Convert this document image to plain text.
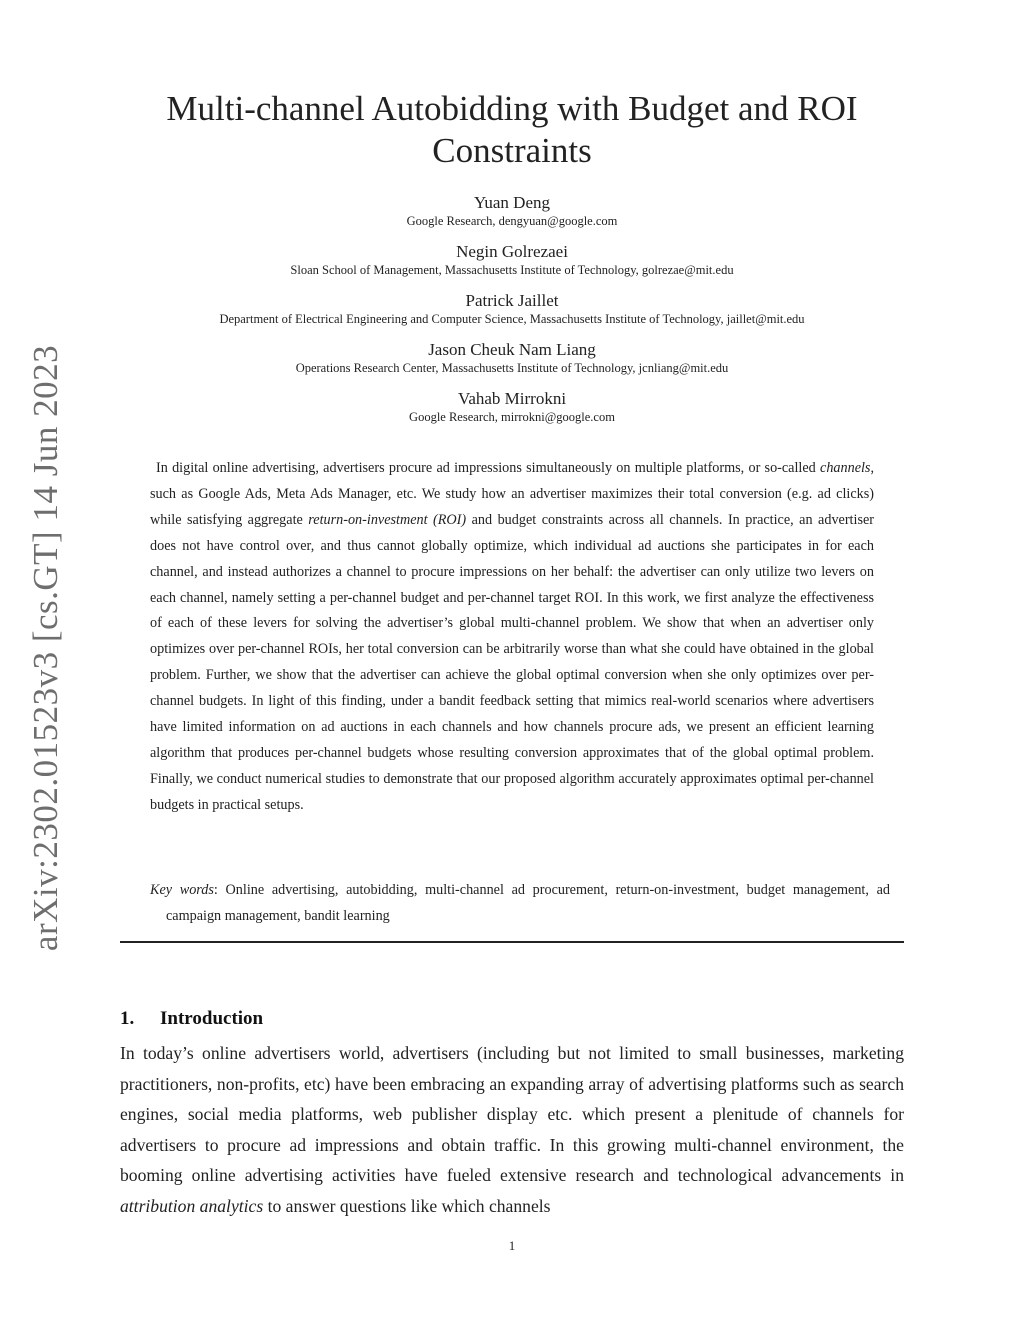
arXiv:2302.01523v3 [cs.GT] 14 Jun 2023
Multi-channel Autobidding with Budget and ROI Constraints
Yuan Deng
Google Research, dengyuan@google.com
Negin Golrezaei
Sloan School of Management, Massachusetts Institute of Technology, golrezae@mit.edu
Patrick Jaillet
Department of Electrical Engineering and Computer Science, Massachusetts Institute of Technology, jaillet@mit.edu
Jason Cheuk Nam Liang
Operations Research Center, Massachusetts Institute of Technology, jcnliang@mit.edu
Vahab Mirrokni
Google Research, mirrokni@google.com

In digital online advertising, advertisers procure ad impressions simultaneously on multiple platforms, or so-called channels, such as Google Ads, Meta Ads Manager, etc. We study how an advertiser maximizes their total conversion (e.g. ad clicks) while satisfying aggregate return-on-investment (ROI) and budget constraints across all channels. In practice, an advertiser does not have control over, and thus cannot globally optimize, which individual ad auctions she participates in for each channel, and instead authorizes a channel to procure impressions on her behalf: the advertiser can only utilize two levers on each channel, namely setting a per-channel budget and per-channel target ROI. In this work, we first analyze the effectiveness of each of these levers for solving the advertiser’s global multi-channel problem. We show that when an advertiser only optimizes over per-channel ROIs, her total conversion can be arbitrarily worse than what she could have obtained in the global problem. Further, we show that the advertiser can achieve the global optimal conversion when she only optimizes over per-channel budgets. In light of this finding, under a bandit feedback setting that mimics real-world scenarios where advertisers have limited information on ad auctions in each channels and how channels procure ads, we present an efficient learning algorithm that produces per-channel budgets whose resulting conversion approximates that of the global optimal problem. Finally, we conduct numerical studies to demonstrate that our proposed algorithm accurately approximates optimal per-channel budgets in practical setups.

Key words: Online advertising, autobidding, multi-channel ad procurement, return-on-investment, budget management, ad campaign management, bandit learning
1. Introduction

In today’s online advertisers world, advertisers (including but not limited to small businesses, marketing practitioners, non-profits, etc) have been embracing an expanding array of advertising platforms such as search engines, social media platforms, web publisher display etc. which present a plenitude of channels for advertisers to procure ad impressions and obtain traffic. In this growing multi-channel environment, the booming online advertising activities have fueled extensive research and technological advancements in attribution analytics to answer questions like which channels

1
